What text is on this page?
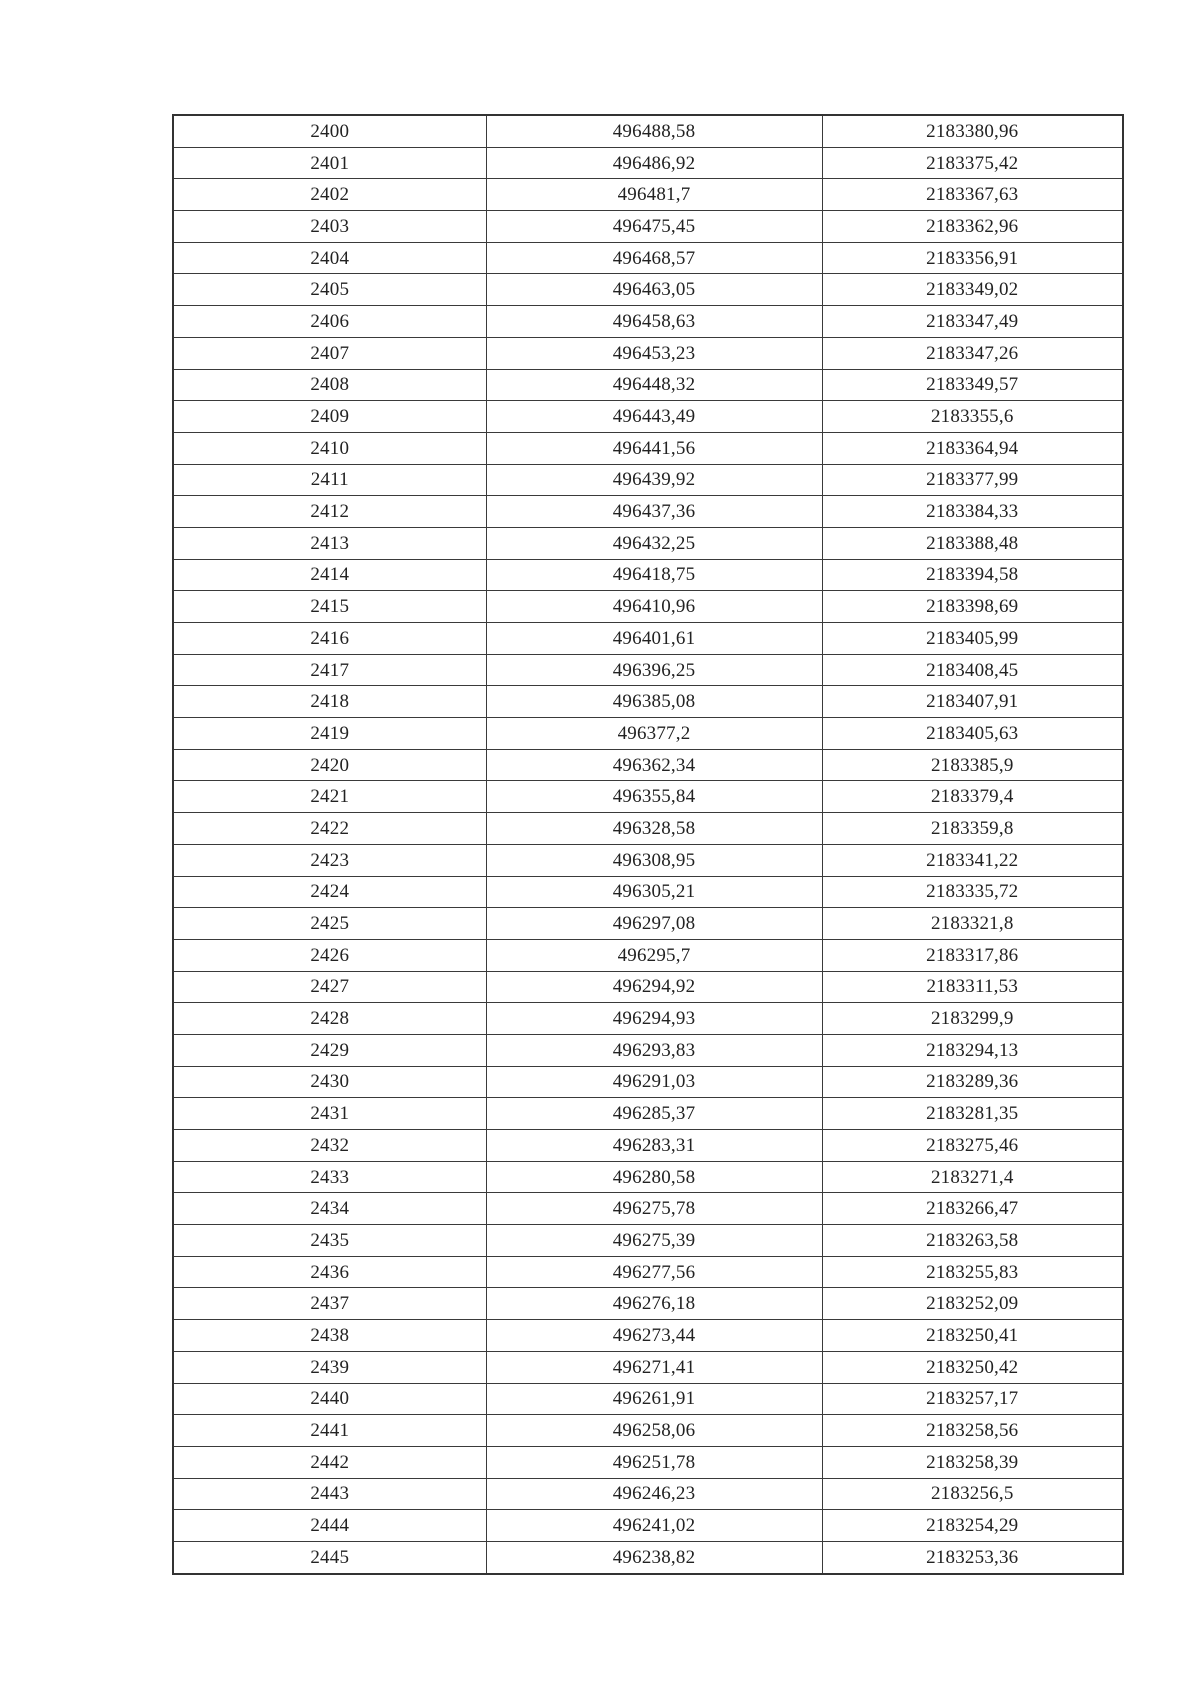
2400	496488,58	2183380,96
2401	496486,92	2183375,42
2402	496481,7	2183367,63
2403	496475,45	2183362,96
2404	496468,57	2183356,91
2405	496463,05	2183349,02
2406	496458,63	2183347,49
2407	496453,23	2183347,26
2408	496448,32	2183349,57
2409	496443,49	2183355,6
2410	496441,56	2183364,94
2411	496439,92	2183377,99
2412	496437,36	2183384,33
2413	496432,25	2183388,48
2414	496418,75	2183394,58
2415	496410,96	2183398,69
2416	496401,61	2183405,99
2417	496396,25	2183408,45
2418	496385,08	2183407,91
2419	496377,2	2183405,63
2420	496362,34	2183385,9
2421	496355,84	2183379,4
2422	496328,58	2183359,8
2423	496308,95	2183341,22
2424	496305,21	2183335,72
2425	496297,08	2183321,8
2426	496295,7	2183317,86
2427	496294,92	2183311,53
2428	496294,93	2183299,9
2429	496293,83	2183294,13
2430	496291,03	2183289,36
2431	496285,37	2183281,35
2432	496283,31	2183275,46
2433	496280,58	2183271,4
2434	496275,78	2183266,47
2435	496275,39	2183263,58
2436	496277,56	2183255,83
2437	496276,18	2183252,09
2438	496273,44	2183250,41
2439	496271,41	2183250,42
2440	496261,91	2183257,17
2441	496258,06	2183258,56
2442	496251,78	2183258,39
2443	496246,23	2183256,5
2444	496241,02	2183254,29
2445	496238,82	2183253,36
